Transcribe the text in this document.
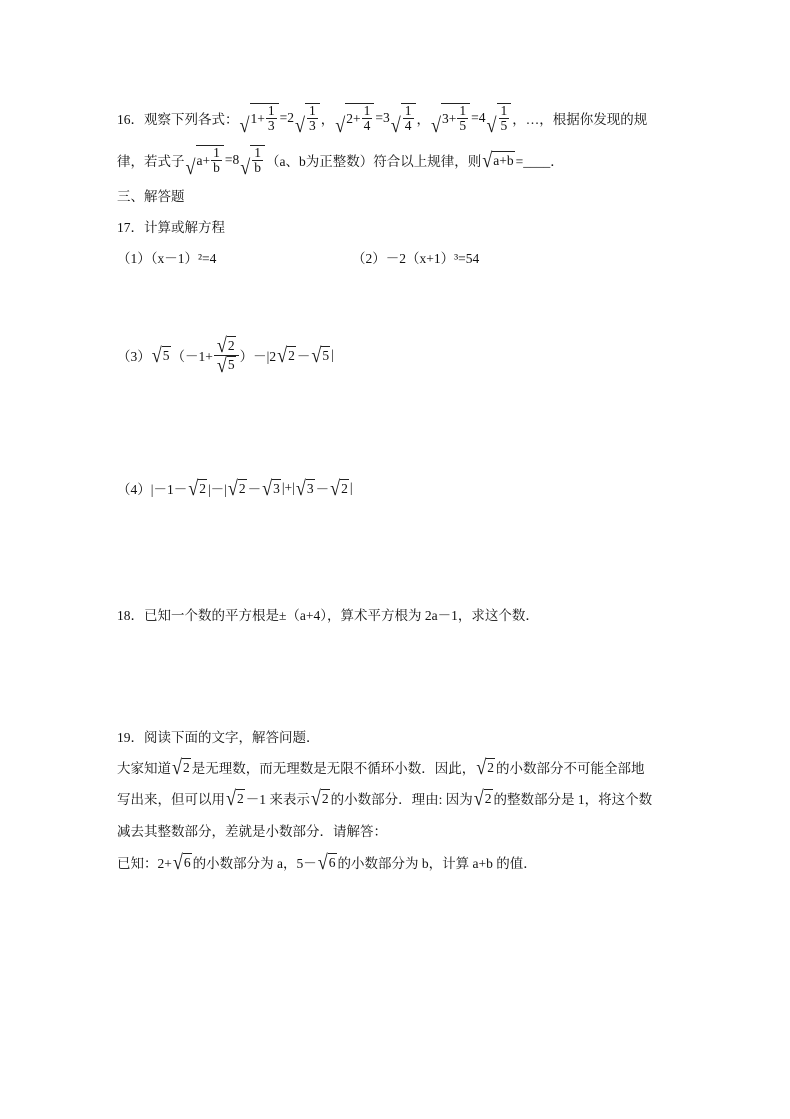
16．观察下列各式： √ $1+ \frac{1}{3} =2$ √ $\frac{1}{3}$ ， √ $2+ \frac{1}{4} =3$ √ $\frac{1}{4}$ ， √ $3+ \frac{1}{5} =4$ √ $\frac{1}{5}$ ，…，根据你发现的规
律，若式子 √ $a+ \frac{1}{b} =8$ √ $\frac{1}{b} (a$、b为正整数）符合以上规律，则 √ a+b =____．
三、解答题
17．计算或解方程
（1）（x－1）²=4	（2）－2（x+1）³=54
（3） √ 5 $(-1+ \frac{√ 2}{√ 5} )-|2$ √ 2 － √ 5 |
（4）|－1－ √ 2 |－| √ 2 － √ 3 |+| √ 3 － √ 2 |
18．已知一个数的平方根是±（a+4），算术平方根为 2a－1，求这个数．
19．阅读下面的文字，解答问题．
大家知道 √ 2 是无理数，而无理数是无限不循环小数．因此， √ 2 的小数部分不可能全部地
写出来，但可以用 √ 2 －1 来表示 √ 2 的小数部分．理由: 因为 √ 2 的整数部分是 1，将这个数
减去其整数部分，差就是小数部分．请解答：
已知：2+ √ 6 的小数部分为 a，5－ √ 6 的小数部分为 b，计算 a+b 的值．
